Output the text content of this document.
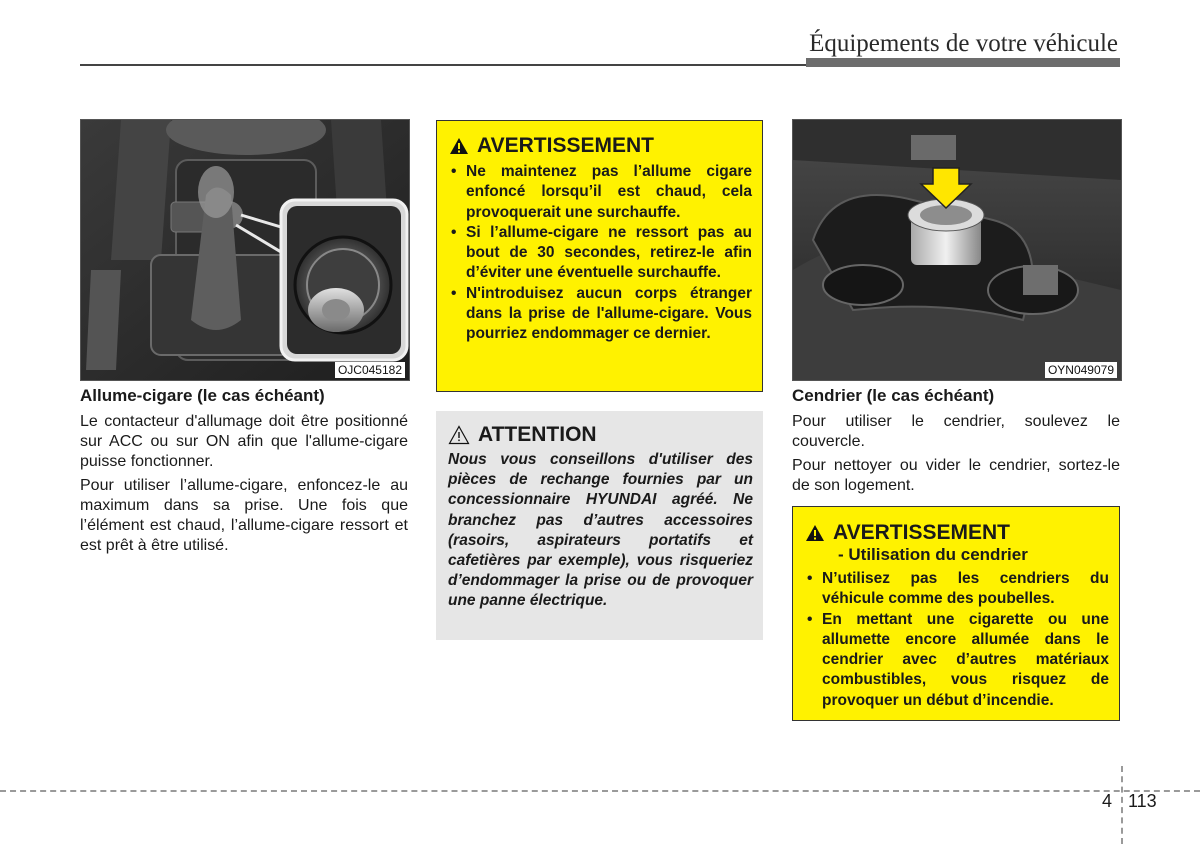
Équipements de votre véhicule
OJC045182
Allume-cigare (le cas échéant)

Le contacteur d'allumage doit être positionné sur ACC ou sur ON afin que l'allume-cigare puisse fonctionner.

Pour utiliser l’allume-cigare, enfoncez-le au maximum dans sa prise. Une fois que l’élément est chaud, l’allume-cigare ressort et est prêt à être utilisé.

AVERTISSEMENT
• Ne maintenez pas l’allume cigare enfoncé lorsqu’il est chaud, cela provoquerait une surchauffe.
• Si l’allume-cigare ne ressort pas au bout de 30 secondes, retirez-le afin d’éviter une éventuelle surchauffe.
• N'introduisez aucun corps étranger dans la prise de l'allume-cigare. Vous pourriez endommager ce dernier.
ATTENTION
Nous vous conseillons d'utiliser des pièces de rechange fournies par un concessionnaire HYUNDAI agréé. Ne branchez pas d’autres accessoires (rasoirs, aspirateurs portatifs et cafetières par exemple), vous risqueriez d’endommager la prise ou de provoquer une panne électrique.
OYN049079
Cendrier (le cas échéant)

Pour utiliser le cendrier, soulevez le couvercle.

Pour nettoyer ou vider le cendrier, sortez-le de son logement.

AVERTISSEMENT
- Utilisation du cendrier
• N’utilisez pas les cendriers du véhicule comme des poubelles.
• En mettant une cigarette ou une allumette encore allumée dans le cendrier avec d’autres matériaux combustibles, vous risquez de provoquer un début d’incendie.
4 113
